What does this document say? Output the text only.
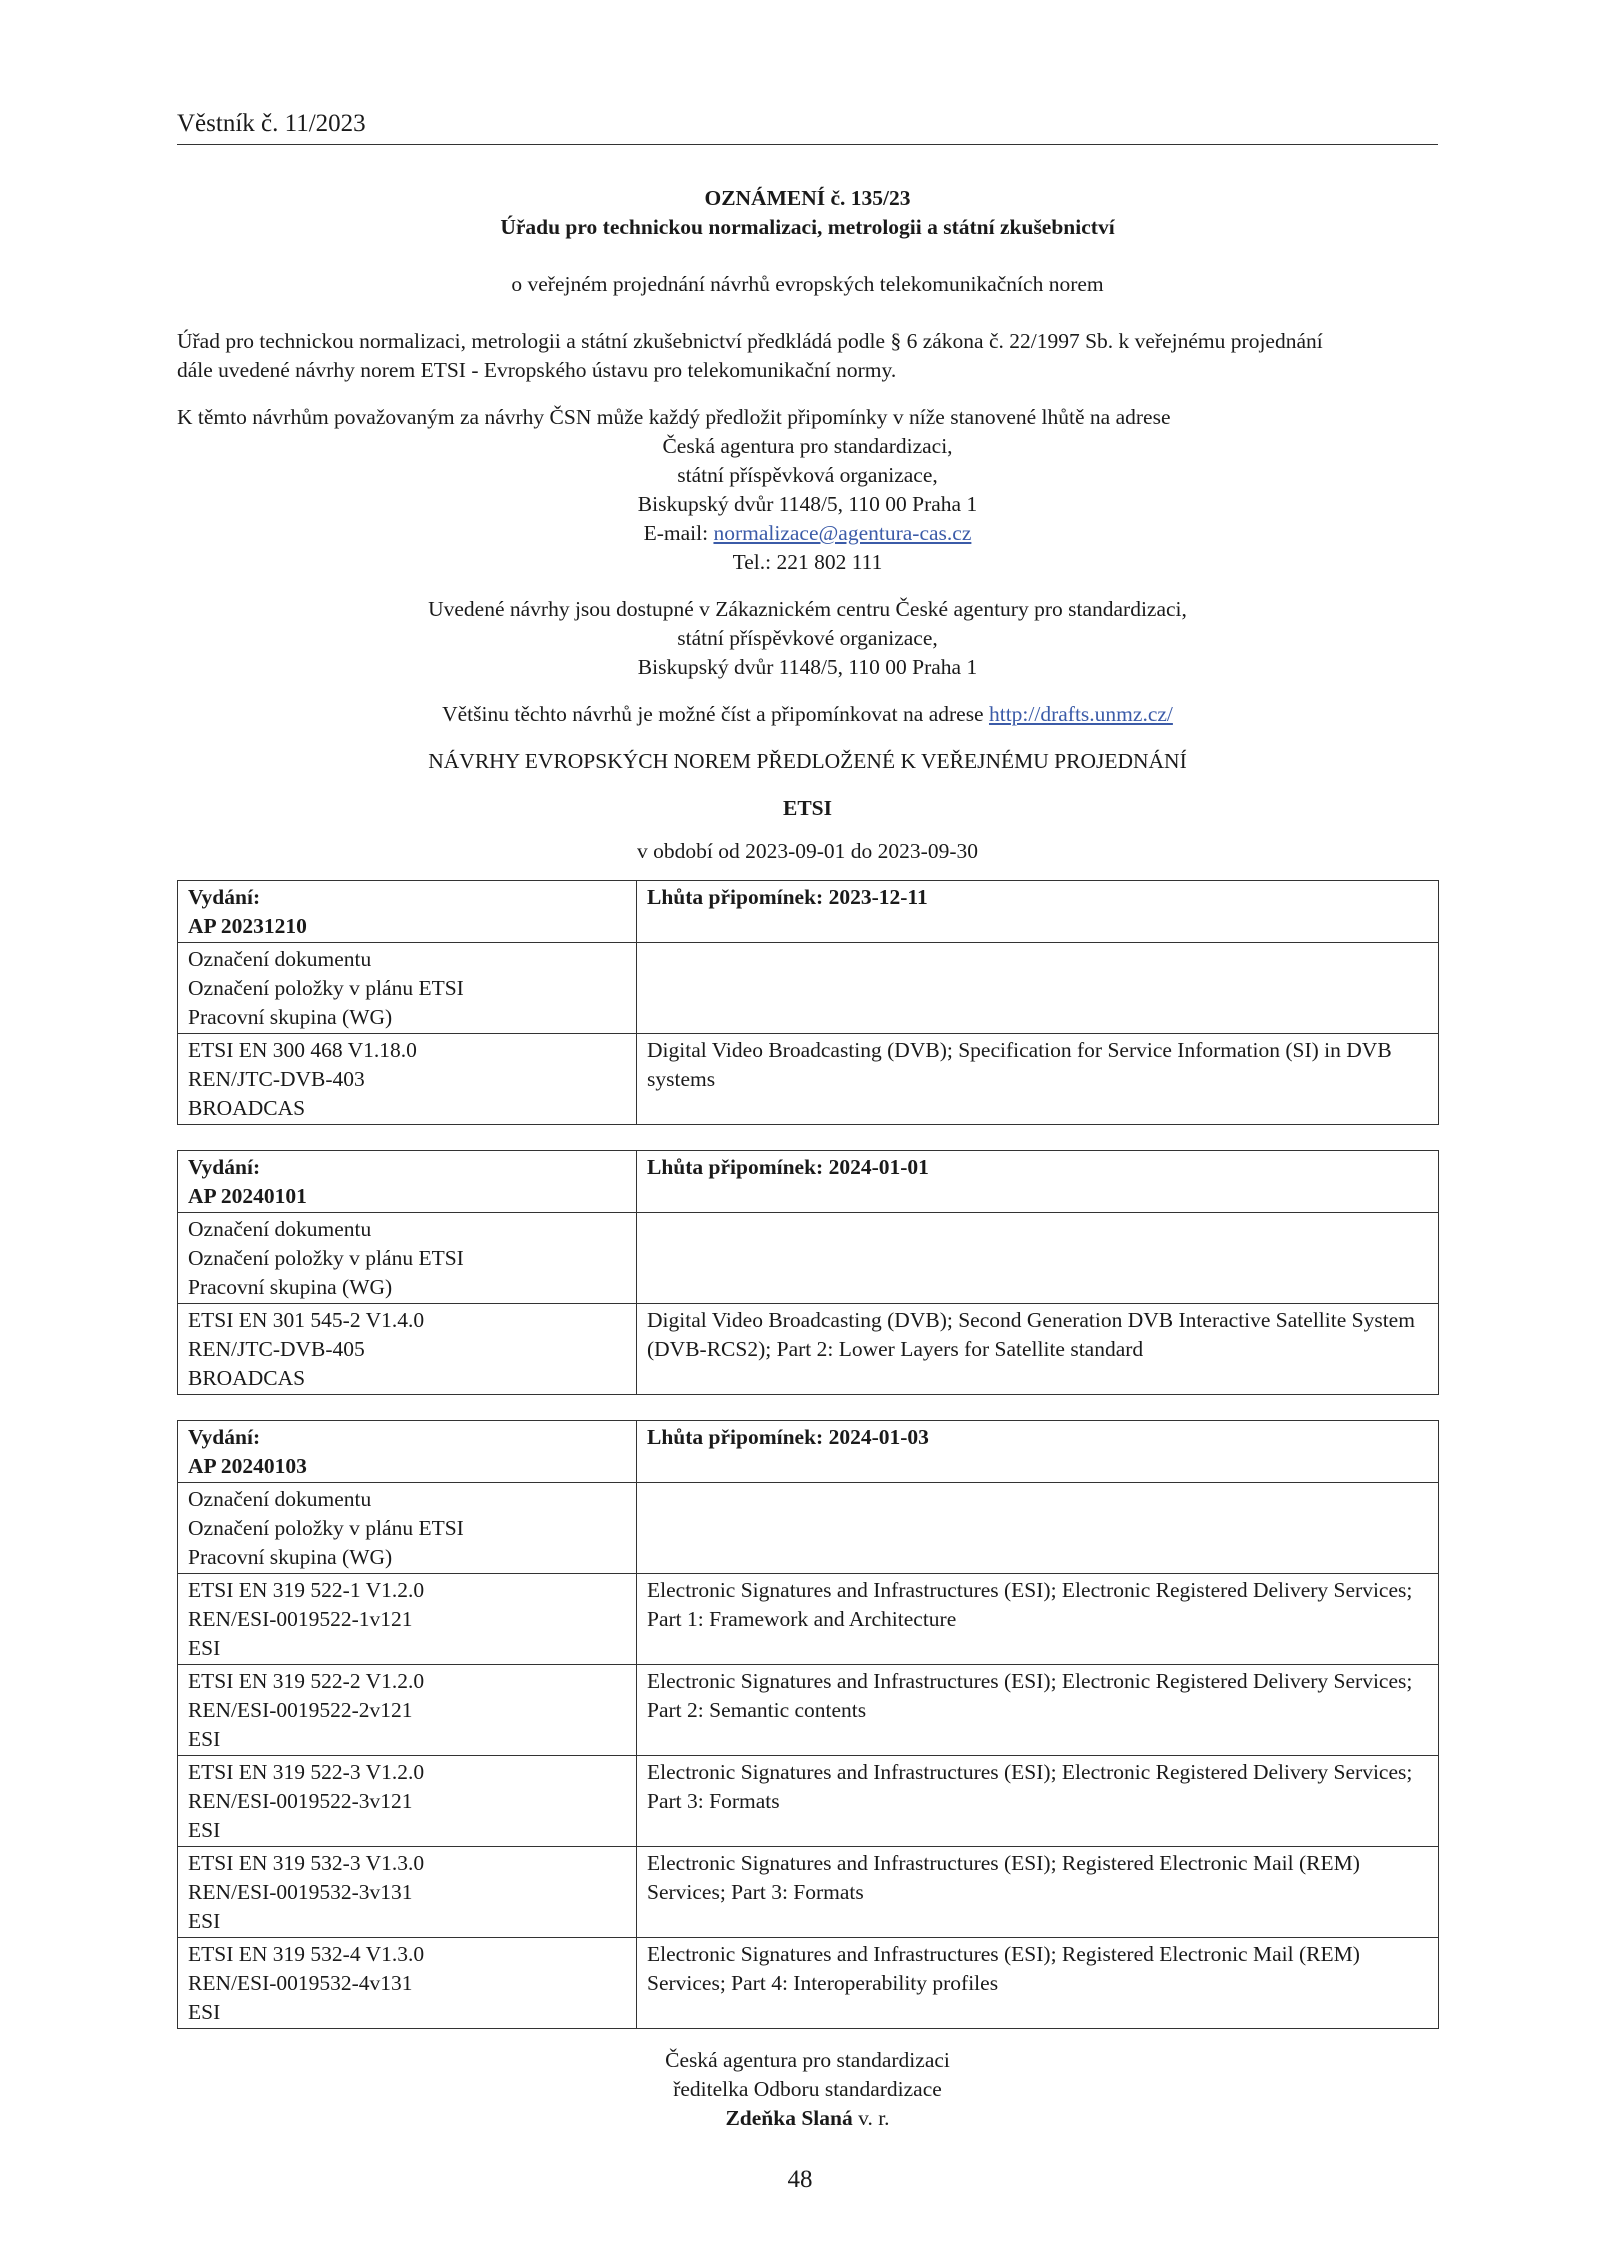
Věstník č. 11/2023

OZNÁMENÍ č. 135/23

Úřadu pro technickou normalizaci, metrologii a státní zkušebnictví

o veřejném projednání návrhů evropských telekomunikačních norem

Úřad pro technickou normalizaci, metrologii a státní zkušebnictví předkládá podle § 6 zákona č. 22/1997 Sb. k veřejnému projednání

dále uvedené návrhy norem ETSI - Evropského ústavu pro telekomunikační normy.

K těmto návrhům považovaným za návrhy ČSN může každý předložit připomínky v níže stanovené lhůtě na adrese

Česká agentura pro standardizaci,

státní příspěvková organizace,

Biskupský dvůr 1148/5, 110 00 Praha 1

E-mail: normalizace@agentura-cas.cz

Tel.: 221 802 111

Uvedené návrhy jsou dostupné v Zákaznickém centru České agentury pro standardizaci,

státní příspěvkové organizace,

Biskupský dvůr 1148/5, 110 00 Praha 1

Většinu těchto návrhů je možné číst a připomínkovat na adrese http://drafts.unmz.cz/

NÁVRHY EVROPSKÝCH NOREM PŘEDLOŽENÉ K VEŘEJNÉMU PROJEDNÁNÍ

ETSI

v období od 2023-09-01 do 2023-09-30

Vydání:
AP 20231210	Lhůta připomínek: 2023-12-11

Označení dokumentu
Označení položky v plánu ETSI
Pracovní skupina (WG)	

ETSI EN 300 468 V1.18.0
REN/JTC-DVB-403
BROADCAS	Digital Video Broadcasting (DVB); Specification for Service Information (SI) in DVB systems
Vydání:
AP 20240101	Lhůta připomínek: 2024-01-01

Označení dokumentu
Označení položky v plánu ETSI
Pracovní skupina (WG)	

ETSI EN 301 545-2 V1.4.0
REN/JTC-DVB-405
BROADCAS	Digital Video Broadcasting (DVB); Second Generation DVB Interactive Satellite System (DVB-RCS2); Part 2: Lower Layers for Satellite standard
Vydání:
AP 20240103	Lhůta připomínek: 2024-01-03

Označení dokumentu
Označení položky v plánu ETSI
Pracovní skupina (WG)	

ETSI EN 319 522-1 V1.2.0
REN/ESI-0019522-1v121
ESI	Electronic Signatures and Infrastructures (ESI); Electronic Registered Delivery Services; Part 1: Framework and Architecture

ETSI EN 319 522-2 V1.2.0
REN/ESI-0019522-2v121
ESI	Electronic Signatures and Infrastructures (ESI); Electronic Registered Delivery Services; Part 2: Semantic contents

ETSI EN 319 522-3 V1.2.0
REN/ESI-0019522-3v121
ESI	Electronic Signatures and Infrastructures (ESI); Electronic Registered Delivery Services; Part 3: Formats

ETSI EN 319 532-3 V1.3.0
REN/ESI-0019532-3v131
ESI	Electronic Signatures and Infrastructures (ESI); Registered Electronic Mail (REM) Services; Part 3: Formats

ETSI EN 319 532-4 V1.3.0
REN/ESI-0019532-4v131
ESI	Electronic Signatures and Infrastructures (ESI); Registered Electronic Mail (REM) Services; Part 4: Interoperability profiles

Česká agentura pro standardizaci

ředitelka Odboru standardizace

Zdeňka Slaná v. r.

48
